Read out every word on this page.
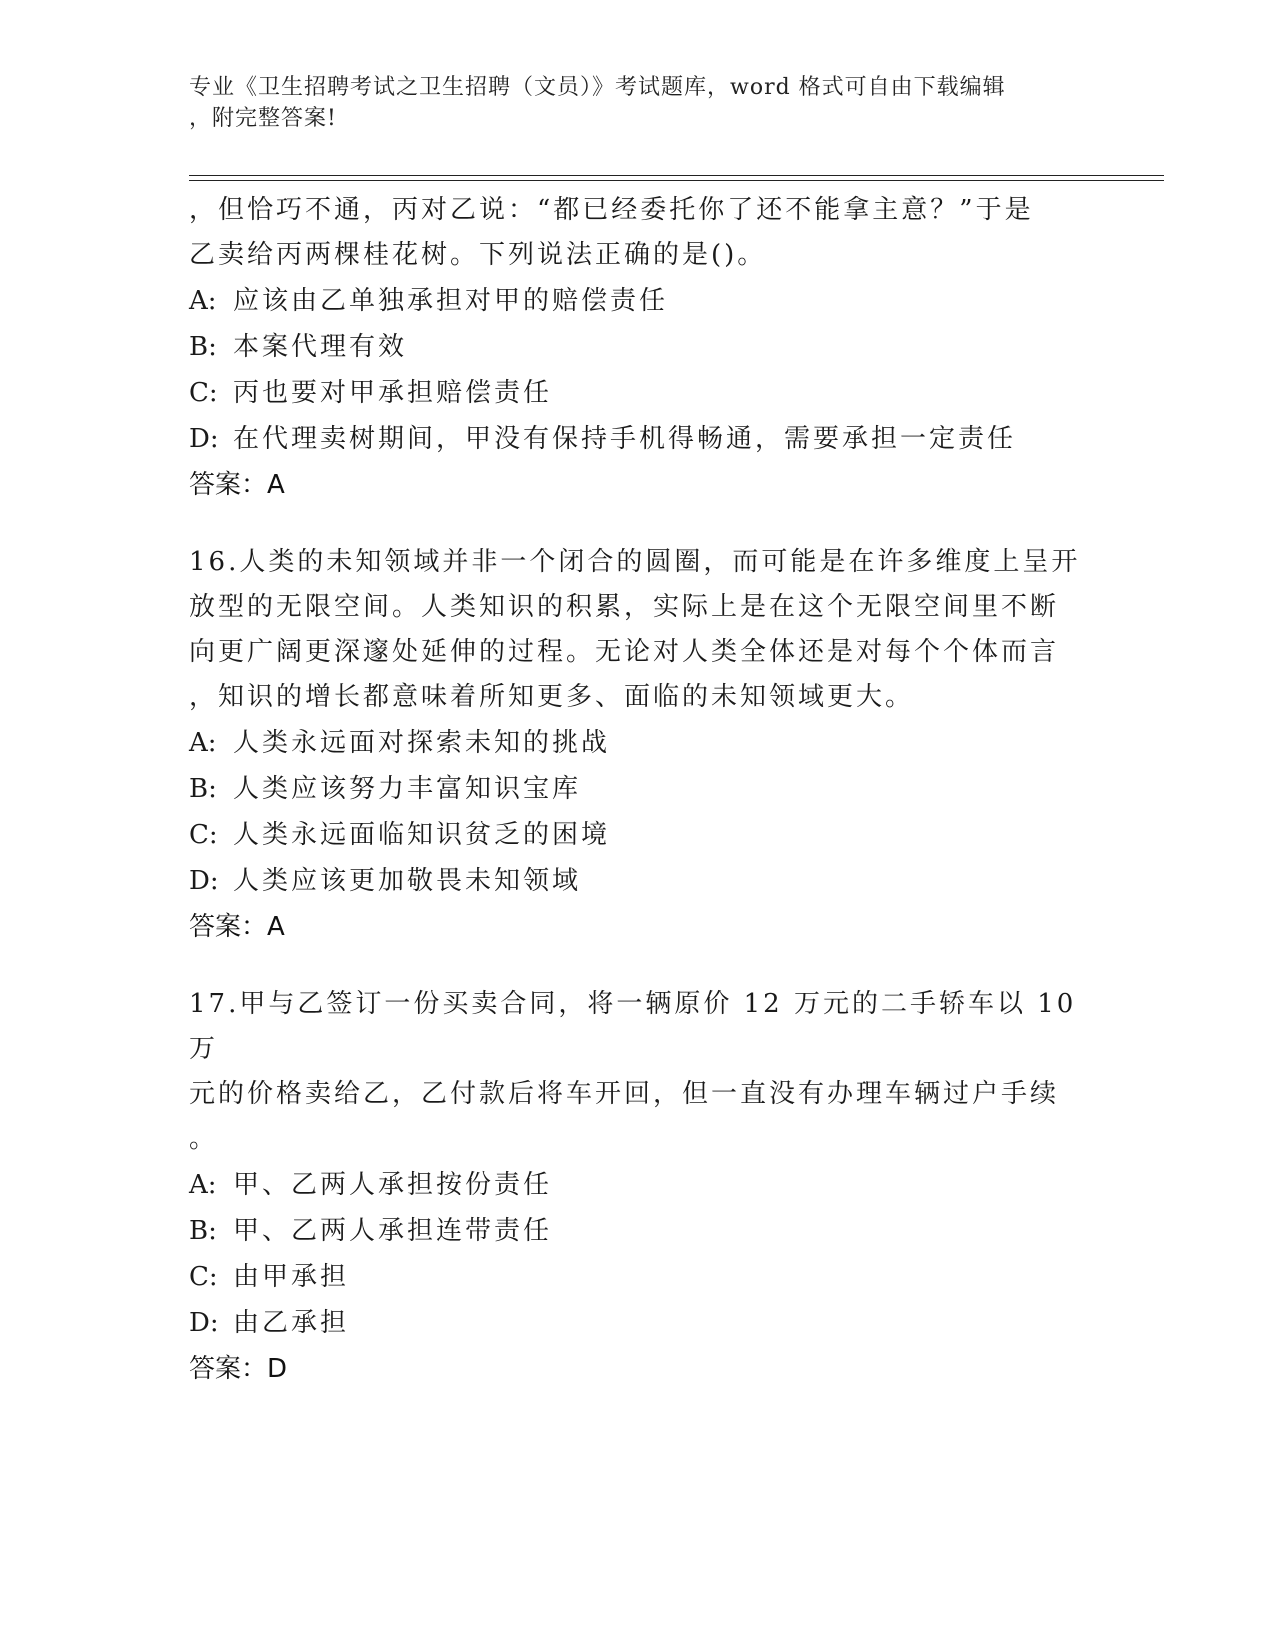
专业《卫生招聘考试之卫生招聘（文员）》考试题库，word 格式可自由下载编辑
，附完整答案!

，但恰巧不通，丙对乙说：“都已经委托你了还不能拿主意？”于是

乙卖给丙两棵桂花树。下列说法正确的是()。

A: 应该由乙单独承担对甲的赔偿责任

B: 本案代理有效

C: 丙也要对甲承担赔偿责任

D: 在代理卖树期间，甲没有保持手机得畅通，需要承担一定责任

答案：A

16.人类的未知领域并非一个闭合的圆圈，而可能是在许多维度上呈开

放型的无限空间。人类知识的积累，实际上是在这个无限空间里不断

向更广阔更深邃处延伸的过程。无论对人类全体还是对每个个体而言

，知识的增长都意味着所知更多、面临的未知领域更大。

A: 人类永远面对探索未知的挑战

B: 人类应该努力丰富知识宝库

C: 人类永远面临知识贫乏的困境

D: 人类应该更加敬畏未知领域

答案：A

17.甲与乙签订一份买卖合同，将一辆原价 12 万元的二手轿车以 10 万

元的价格卖给乙，乙付款后将车开回，但一直没有办理车辆过户手续

。

A: 甲、乙两人承担按份责任

B: 甲、乙两人承担连带责任

C: 由甲承担

D: 由乙承担

答案：D
